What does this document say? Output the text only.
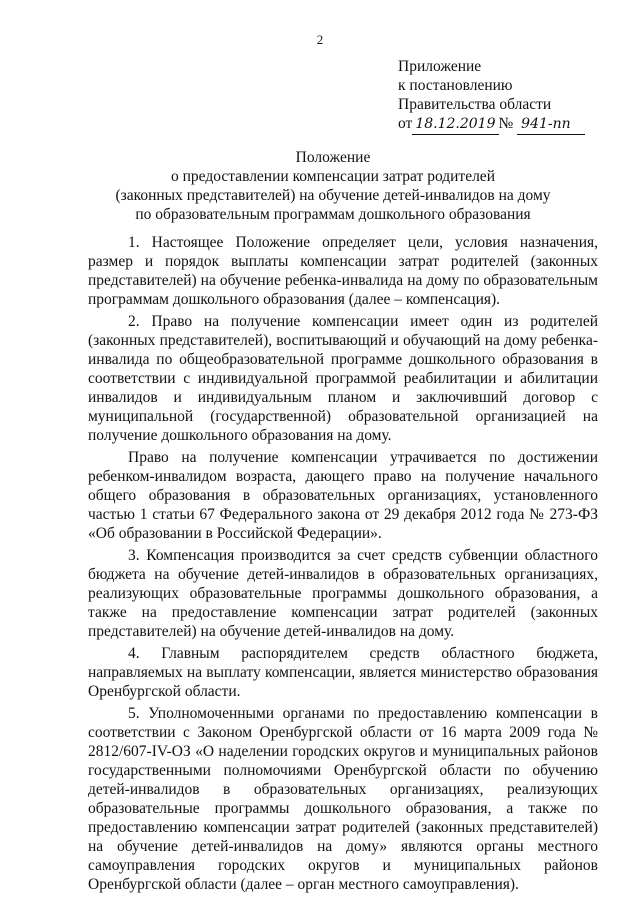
2
Приложение
к постановлению
Правительства области
от 18.12.2019 № 941-пп
Положение
о предоставлении компенсации затрат родителей
(законных представителей) на обучение детей-инвалидов на дому
по образовательным программам дошкольного образования

1. Настоящее Положение определяет цели, условия назначения, размер и порядок выплаты компенсации затрат родителей (законных представителей) на обучение ребенка-инвалида на дому по образовательным программам дошкольного образования (далее – компенсация).

2. Право на получение компенсации имеет один из родителей (законных представителей), воспитывающий и обучающий на дому ребенка-инвалида по общеобразовательной программе дошкольного образования в соответствии с индивидуальной программой реабилитации и абилитации инвалидов и индивидуальным планом и заключивший договор с муниципальной (государственной) образовательной организацией на получение дошкольного образования на дому.

Право на получение компенсации утрачивается по достижении ребенком-инвалидом возраста, дающего право на получение начального общего образования в образовательных организациях, установленного частью 1 статьи 67 Федерального закона от 29 декабря 2012 года № 273-ФЗ «Об образовании в Российской Федерации».

3. Компенсация производится за счет средств субвенции областного бюджета на обучение детей-инвалидов в образовательных организациях, реализующих образовательные программы дошкольного образования, а также на предоставление компенсации затрат родителей (законных представителей) на обучение детей-инвалидов на дому.

4. Главным распорядителем средств областного бюджета, направляемых на выплату компенсации, является министерство образования Оренбургской области.

5. Уполномоченными органами по предоставлению компенсации в соответствии с Законом Оренбургской области от 16 марта 2009 года № 2812/607-IV-ОЗ «О наделении городских округов и муниципальных районов государственными полномочиями Оренбургской области по обучению детей-инвалидов в образовательных организациях, реализующих образовательные программы дошкольного образования, а также по предоставлению компенсации затрат родителей (законных представителей) на обучение детей-инвалидов на дому» являются органы местного самоуправления городских округов и муниципальных районов Оренбургской области (далее – орган местного самоуправления).
